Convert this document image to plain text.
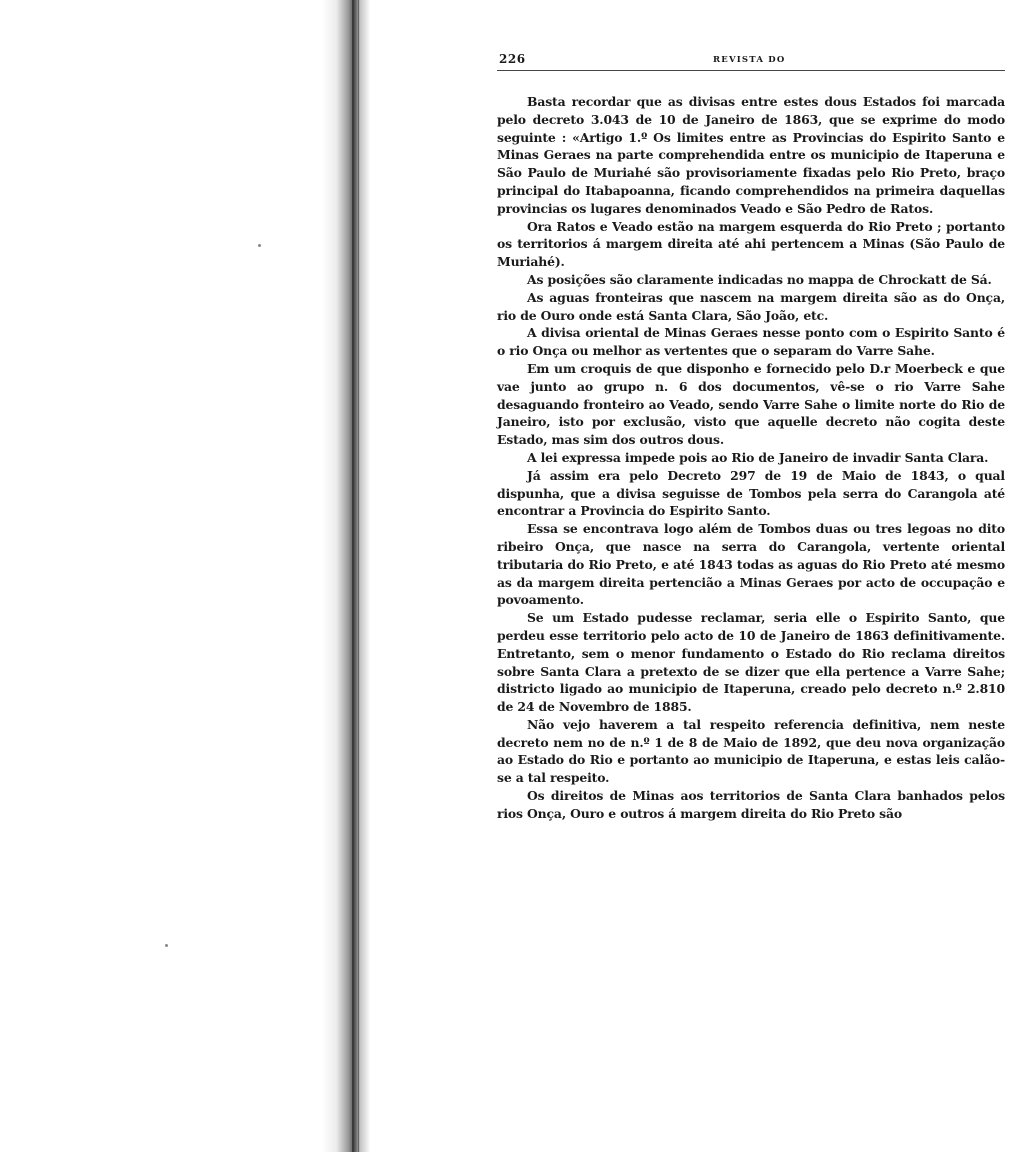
226	REVISTA DO

Basta recordar que as divisas entre estes dous Estados foi marcada pelo decreto 3.043 de 10 de Janeiro de 1863, que se exprime do modo seguinte : «Artigo 1.º Os limites entre as Provincias do Espirito Santo e Minas Geraes na parte comprehendida entre os municipio de Itaperuna e São Paulo de Muriahé são provisoriamente fixadas pelo Rio Preto, braço principal do Itabapoanna, ficando comprehendidos na primeira daquellas provincias os lugares denominados Veado e São Pedro de Ratos.

Ora Ratos e Veado estão na margem esquerda do Rio Preto ; portanto os territorios á margem direita até ahi pertencem a Minas (São Paulo de Muriahé).

As posições são claramente indicadas no mappa de Chrockatt de Sá.

As aguas fronteiras que nascem na margem direita são as do Onça, rio de Ouro onde está Santa Clara, São João, etc.

A divisa oriental de Minas Geraes nesse ponto com o Espirito Santo é o rio Onça ou melhor as vertentes que o separam do Varre Sahe.

Em um croquis de que disponho e fornecido pelo D.r Moerbeck e que vae junto ao grupo n. 6 dos documentos, vê-se o rio Varre Sahe desaguando fronteiro ao Veado, sendo Varre Sahe o limite norte do Rio de Janeiro, isto por exclusão, visto que aquelle decreto não cogita deste Estado, mas sim dos outros dous.

A lei expressa impede pois ao Rio de Janeiro de invadir Santa Clara.

Já assim era pelo Decreto 297 de 19 de Maio de 1843, o qual dispunha, que a divisa seguisse de Tombos pela serra do Carangola até encontrar a Provincia do Espirito Santo.

Essa se encontrava logo além de Tombos duas ou tres legoas no dito ribeiro Onça, que nasce na serra do Carangola, vertente oriental tributaria do Rio Preto, e até 1843 todas as aguas do Rio Preto até mesmo as da margem direita pertencião a Minas Geraes por acto de occupação e povoamento.

Se um Estado pudesse reclamar, seria elle o Espirito Santo, que perdeu esse territorio pelo acto de 10 de Janeiro de 1863 definitivamente. Entretanto, sem o menor fundamento o Estado do Rio reclama direitos sobre Santa Clara a pretexto de se dizer que ella pertence a Varre Sahe; districto ligado ao municipio de Itaperuna, creado pelo decreto n.º 2.810 de 24 de Novembro de 1885.

Não vejo haverem a tal respeito referencia definitiva, nem neste decreto nem no de n.º 1 de 8 de Maio de 1892, que deu nova organização ao Estado do Rio e portanto ao municipio de Itaperuna, e estas leis calão-se a tal respeito.

Os direitos de Minas aos territorios de Santa Clara banhados pelos rios Onça, Ouro e outros á margem direita do Rio Preto são
